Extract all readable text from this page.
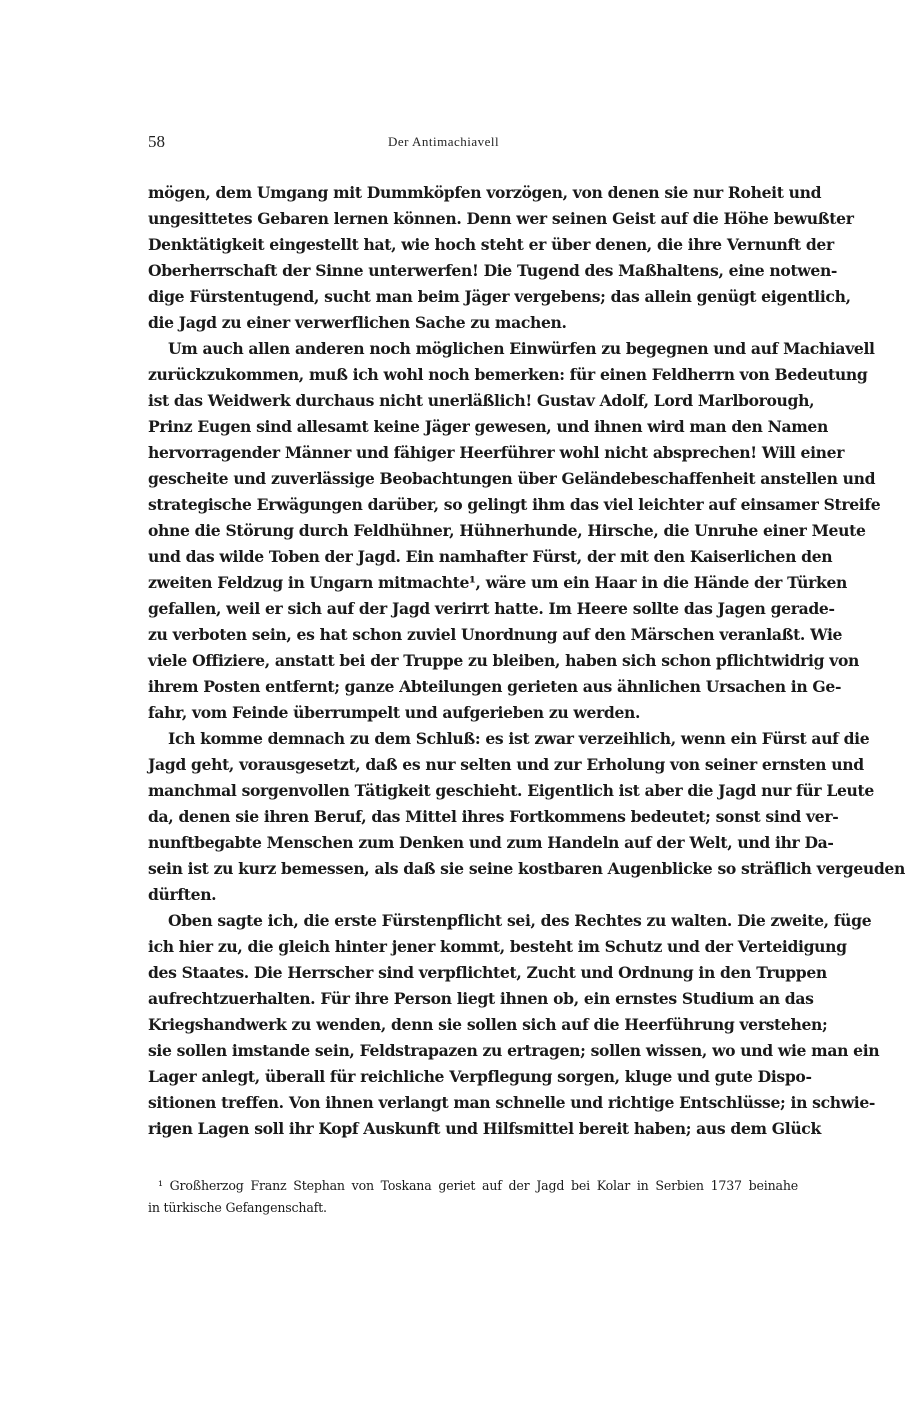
58	Der Antimachiavell
mögen, dem Umgang mit Dummköpfen vorzögen, von denen sie nur Roheit und
ungesittetes Gebaren lernen können. Denn wer seinen Geist auf die Höhe bewußter
Denktätigkeit eingestellt hat, wie hoch steht er über denen, die ihre Vernunft der
Oberherrschaft der Sinne unterwerfen! Die Tugend des Maßhaltens, eine notwen-
dige Fürstentugend, sucht man beim Jäger vergebens; das allein genügt eigentlich,
die Jagd zu einer verwerflichen Sache zu machen.
Um auch allen anderen noch möglichen Einwürfen zu begegnen und auf Machiavell
zurückzukommen, muß ich wohl noch bemerken: für einen Feldherrn von Bedeutung
ist das Weidwerk durchaus nicht unerläßlich! Gustav Adolf, Lord Marlborough,
Prinz Eugen sind allesamt keine Jäger gewesen, und ihnen wird man den Namen
hervorragender Männer und fähiger Heerführer wohl nicht absprechen! Will einer
gescheite und zuverlässige Beobachtungen über Geländebeschaffenheit anstellen und
strategische Erwägungen darüber, so gelingt ihm das viel leichter auf einsamer Streife
ohne die Störung durch Feldhühner, Hühnerhunde, Hirsche, die Unruhe einer Meute
und das wilde Toben der Jagd. Ein namhafter Fürst, der mit den Kaiserlichen den
zweiten Feldzug in Ungarn mitmachte¹, wäre um ein Haar in die Hände der Türken
gefallen, weil er sich auf der Jagd verirrt hatte. Im Heere sollte das Jagen gerade-
zu verboten sein, es hat schon zuviel Unordnung auf den Märschen veranlaßt. Wie
viele Offiziere, anstatt bei der Truppe zu bleiben, haben sich schon pflichtwidrig von
ihrem Posten entfernt; ganze Abteilungen gerieten aus ähnlichen Ursachen in Ge-
fahr, vom Feinde überrumpelt und aufgerieben zu werden.
Ich komme demnach zu dem Schluß: es ist zwar verzeihlich, wenn ein Fürst auf die
Jagd geht, vorausgesetzt, daß es nur selten und zur Erholung von seiner ernsten und
manchmal sorgenvollen Tätigkeit geschieht. Eigentlich ist aber die Jagd nur für Leute
da, denen sie ihren Beruf, das Mittel ihres Fortkommens bedeutet; sonst sind ver-
nunftbegabte Menschen zum Denken und zum Handeln auf der Welt, und ihr Da-
sein ist zu kurz bemessen, als daß sie seine kostbaren Augenblicke so sträflich vergeuden
dürften.
Oben sagte ich, die erste Fürstenpflicht sei, des Rechtes zu walten. Die zweite, füge
ich hier zu, die gleich hinter jener kommt, besteht im Schutz und der Verteidigung
des Staates. Die Herrscher sind verpflichtet, Zucht und Ordnung in den Truppen
aufrechtzuerhalten. Für ihre Person liegt ihnen ob, ein ernstes Studium an das
Kriegshandwerk zu wenden, denn sie sollen sich auf die Heerführung verstehen;
sie sollen imstande sein, Feldstrapazen zu ertragen; sollen wissen, wo und wie man ein
Lager anlegt, überall für reichliche Verpflegung sorgen, kluge und gute Dispo-
sitionen treffen. Von ihnen verlangt man schnelle und richtige Entschlüsse; in schwie-
rigen Lagen soll ihr Kopf Auskunft und Hilfsmittel bereit haben; aus dem Glück
¹ Großherzog Franz Stephan von Toskana geriet auf der Jagd bei Kolar in Serbien 1737 beinahe
in türkische Gefangenschaft.
